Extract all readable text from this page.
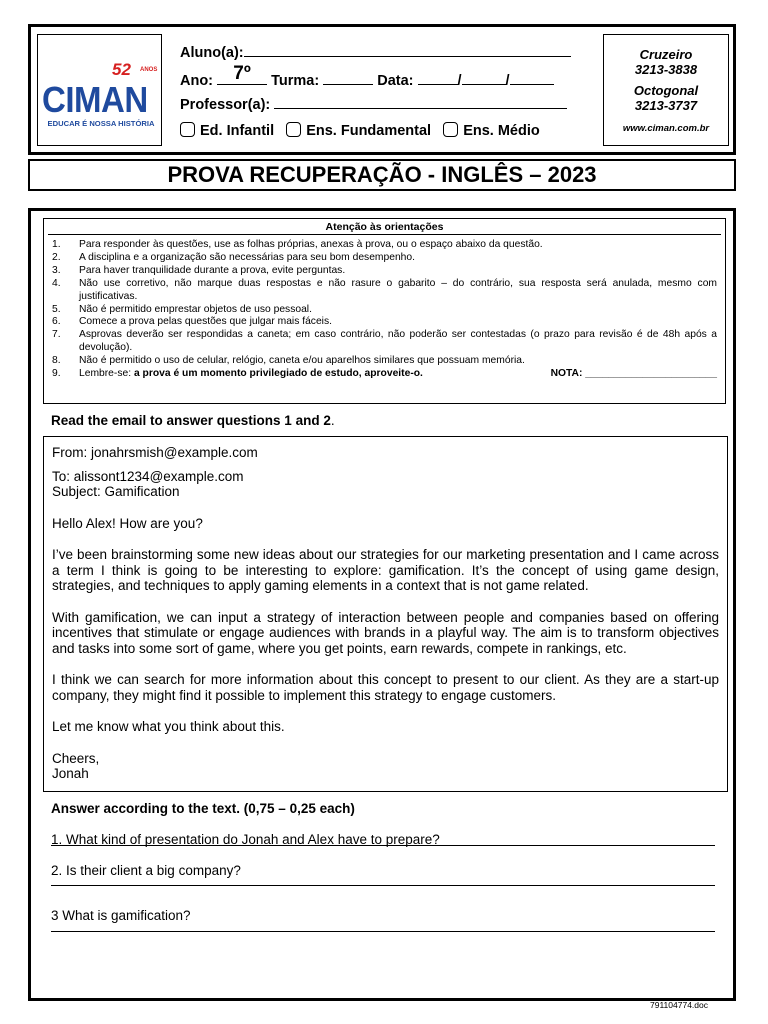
52 ANOS
CIMAN
EDUCAR É NOSSA HISTÓRIA
Aluno(a):
Ano:	7º	Turma:	Data:	/	/
Professor(a):
Ed. Infantil Ens. Fundamental Ens. Médio
Cruzeiro
3213-3838
Octogonal
3213-3737
www.ciman.com.br
PROVA RECUPERAÇÃO - INGLÊS – 2023
Atenção às orientações
1.	Para responder às questões, use as folhas próprias, anexas à prova, ou o espaço abaixo da questão.
2.	A disciplina e a organização são necessárias para seu bom desempenho.
3.	Para haver tranquilidade durante a prova, evite perguntas.
4.	Não use corretivo, não marque duas respostas e não rasure o gabarito – do contrário, sua resposta será anulada, mesmo com justificativas.
5.	Não é permitido emprestar objetos de uso pessoal.
6.	Comece a prova pelas questões que julgar mais fáceis.
7.	Asprovas deverão ser respondidas a caneta; em caso contrário, não poderão ser contestadas (o prazo para revisão é de 48h após a devolução).
8.	Não é permitido o uso de celular, relógio, caneta e/ou aparelhos similares que possuam memória.
9.	Lembre-se: a prova é um momento privilegiado de estudo, aproveite-o.	NOTA: _______________________
Read the email to answer questions 1 and 2.
From: jonahrsmish@example.com
To: alissont1234@example.com
Subject: Gamification

Hello Alex! How are you?

I’ve been brainstorming some new ideas about our strategies for our marketing presentation and I came across a term I think is going to be interesting to explore: gamification. It’s the concept of using game design, strategies, and techniques to apply gaming elements in a context that is not game related.

With gamification, we can input a strategy of interaction between people and companies based on offering incentives that stimulate or engage audiences with brands in a playful way. The aim is to transform objectives and tasks into some sort of game, where you get points, earn rewards, compete in rankings, etc.

I think we can search for more information about this concept to present to our client. As they are a start-up company, they might find it possible to implement this strategy to engage customers.

Let me know what you think about this.

Cheers,
Jonah
Answer according to the text. (0,75 – 0,25 each)
1. What kind of presentation do Jonah and Alex have to prepare?
2. Is their client a big company?
3 What is gamification?
791104774.doc
